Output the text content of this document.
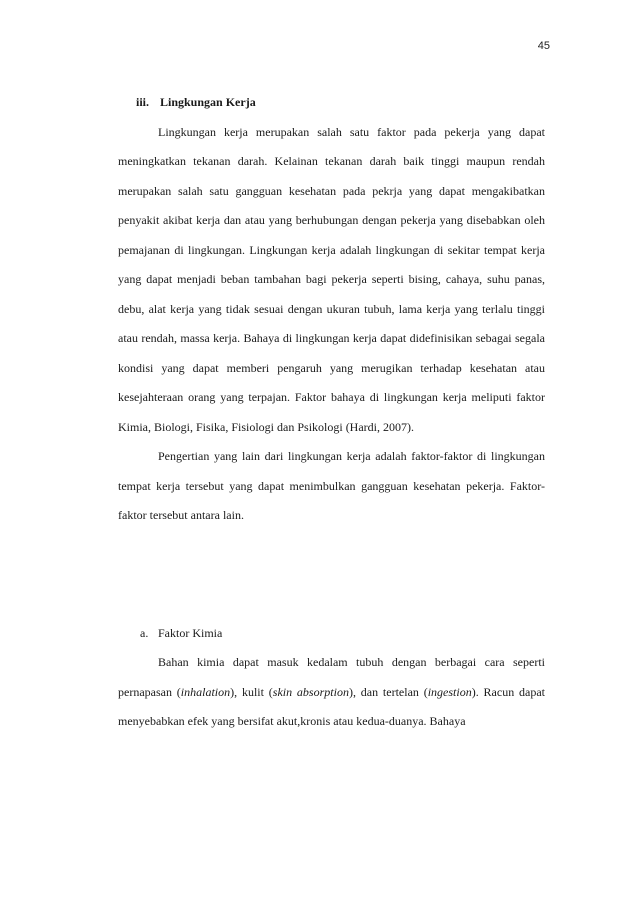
45

iii. Lingkungan Kerja

Lingkungan kerja merupakan salah satu faktor pada pekerja yang dapat meningkatkan tekanan darah. Kelainan tekanan darah baik tinggi maupun rendah merupakan salah satu gangguan kesehatan pada pekrja yang dapat mengakibatkan penyakit akibat kerja dan atau yang berhubungan dengan pekerja yang disebabkan oleh pemajanan di lingkungan. Lingkungan kerja adalah lingkungan di sekitar tempat kerja yang dapat menjadi beban tambahan bagi pekerja seperti bising, cahaya, suhu panas, debu, alat kerja yang tidak sesuai dengan ukuran tubuh, lama kerja yang terlalu tinggi atau rendah, massa kerja. Bahaya di lingkungan kerja dapat didefinisikan sebagai segala kondisi yang dapat memberi pengaruh yang merugikan terhadap kesehatan atau kesejahteraan orang yang terpajan. Faktor bahaya di lingkungan kerja meliputi faktor Kimia, Biologi, Fisika, Fisiologi dan Psikologi (Hardi, 2007).

Pengertian yang lain dari lingkungan kerja adalah faktor-faktor di lingkungan tempat kerja tersebut yang dapat menimbulkan gangguan kesehatan pekerja. Faktor-faktor tersebut antara lain.

a. Faktor Kimia

Bahan kimia dapat masuk kedalam tubuh dengan berbagai cara seperti pernapasan (inhalation), kulit (skin absorption), dan tertelan (ingestion). Racun dapat menyebabkan efek yang bersifat akut,kronis atau kedua-duanya. Bahaya
